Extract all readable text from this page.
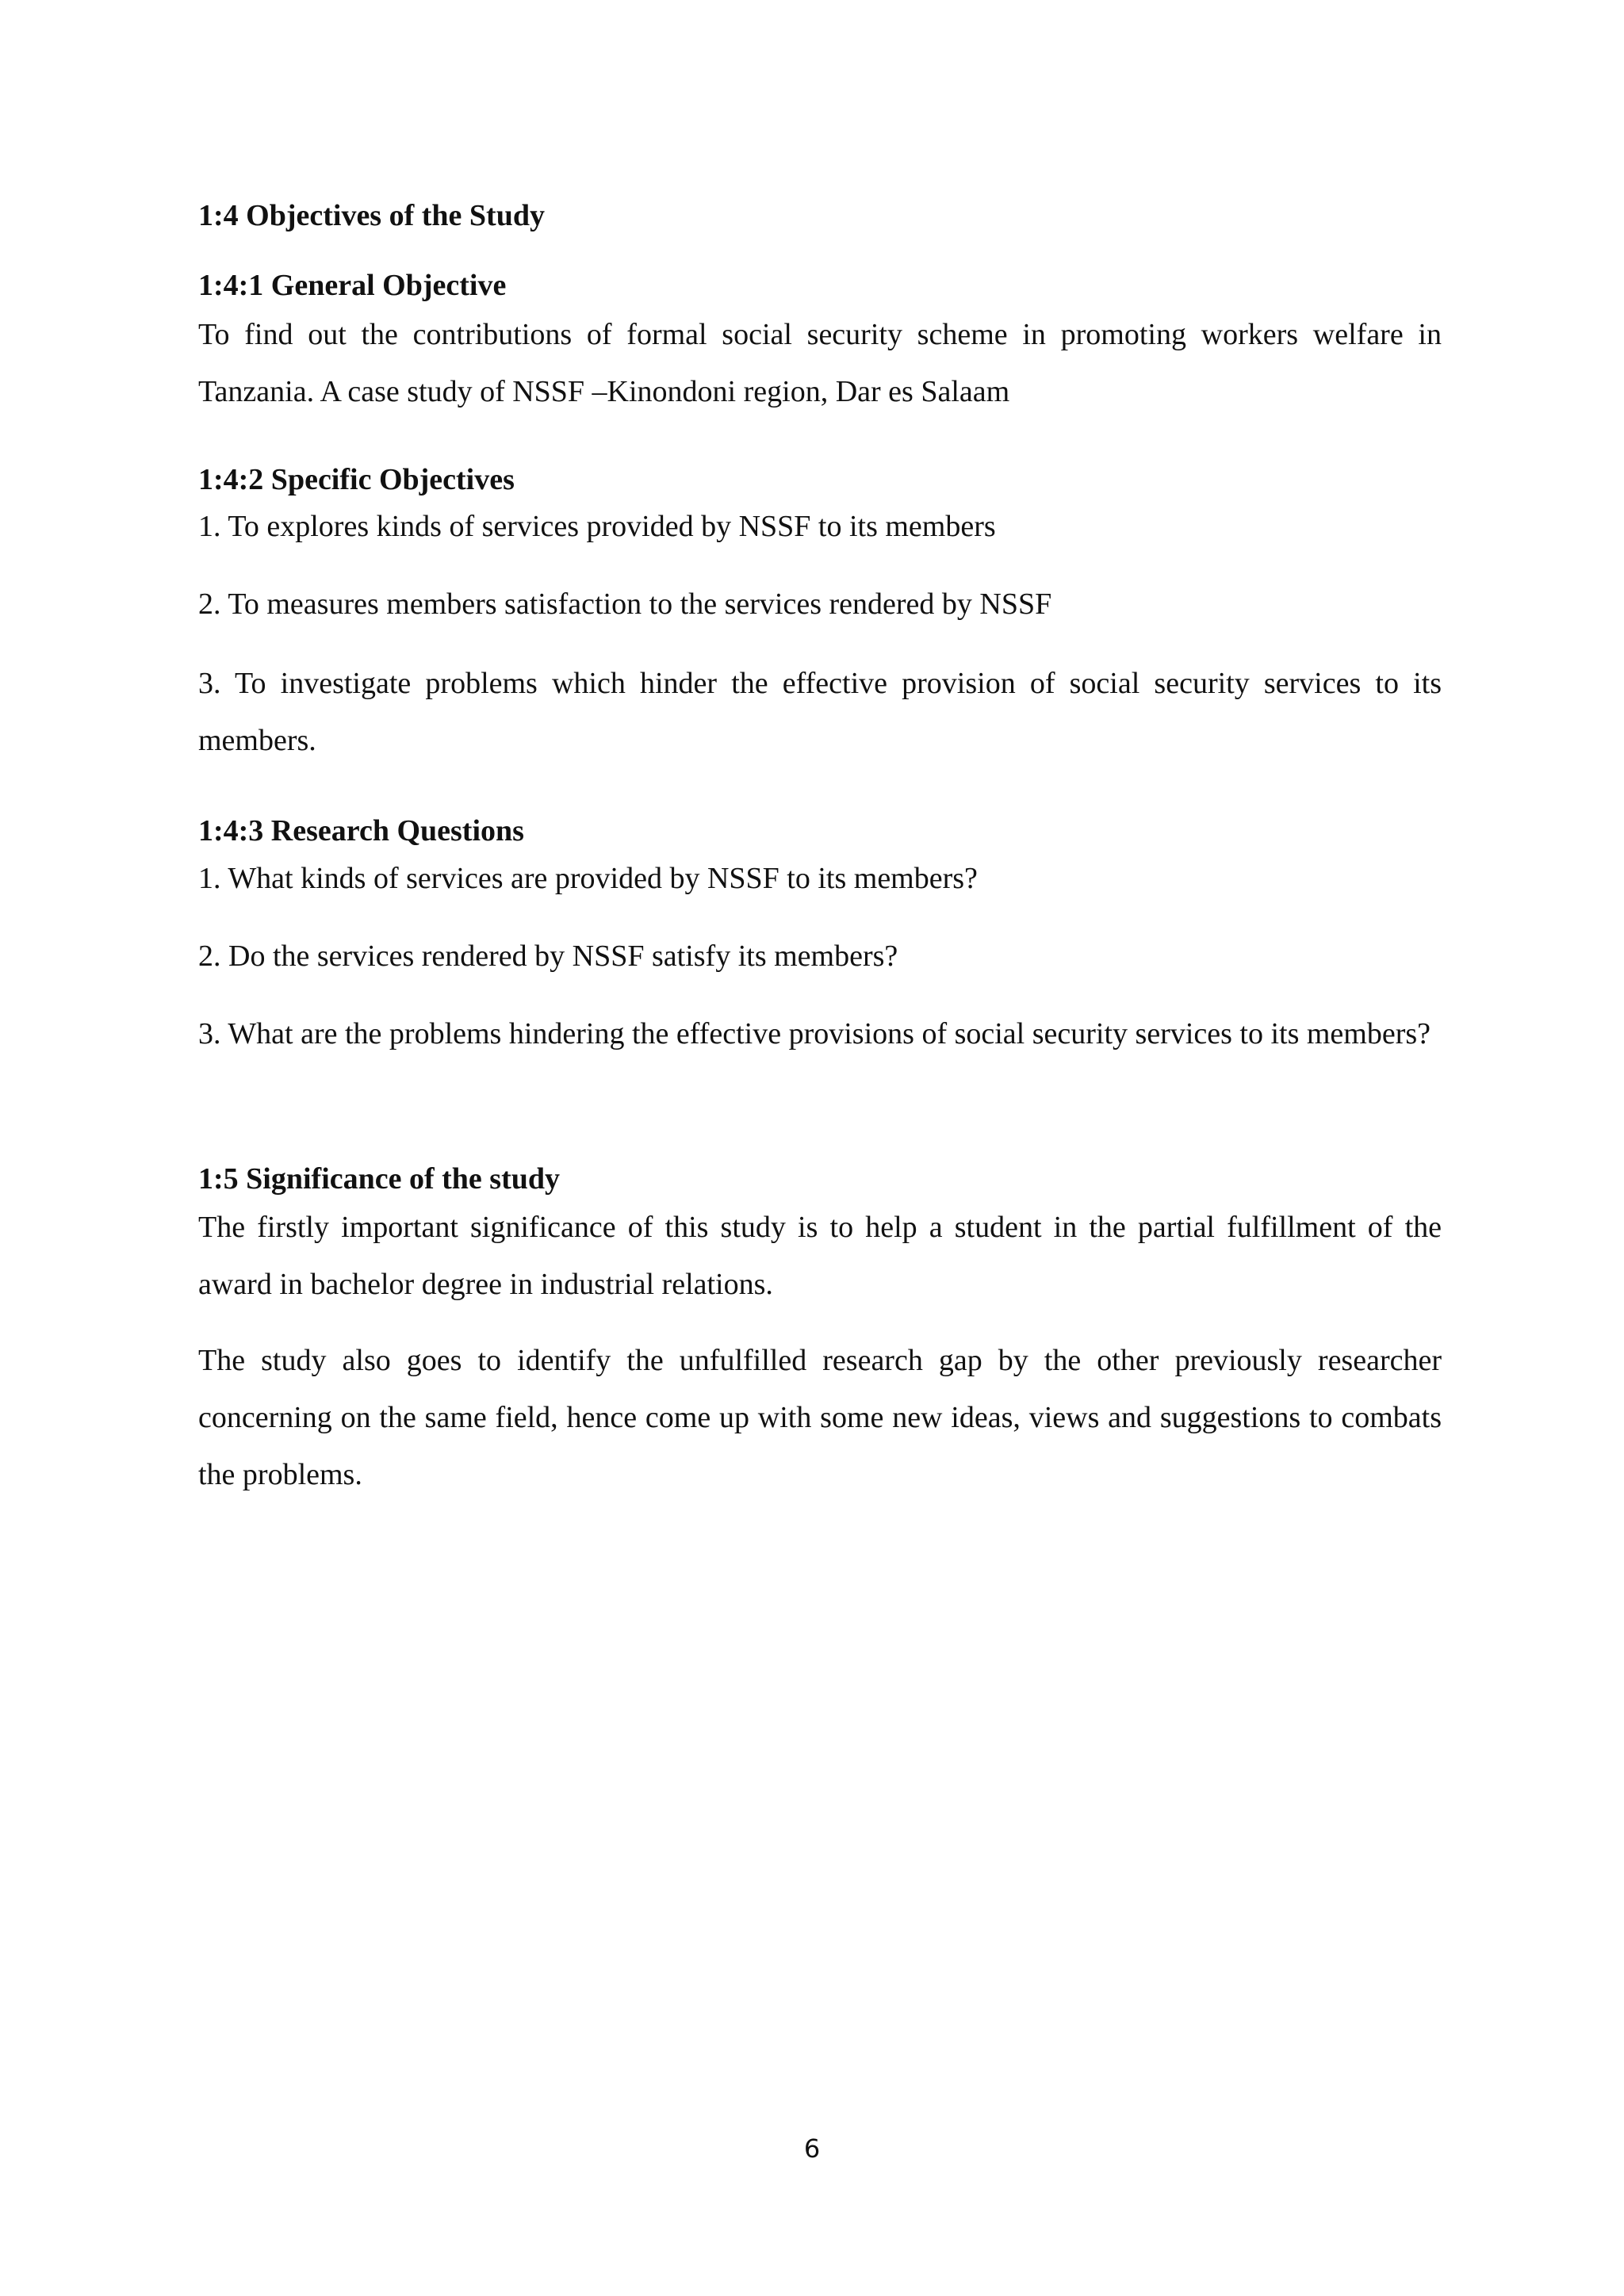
1:4 Objectives of the Study
1:4:1 General Objective

To find out the contributions of formal social security scheme in promoting workers welfare in Tanzania. A case study of NSSF –Kinondoni region, Dar es Salaam

1:4:2 Specific Objectives

1. To explores kinds of services provided by NSSF to its members

2. To measures members satisfaction to the services rendered by NSSF

3. To investigate problems which hinder the effective provision of social security services to its members.

1:4:3 Research Questions

1. What kinds of services are provided by NSSF to its members?

2. Do the services rendered by NSSF satisfy its members?

3. What are the problems hindering the effective provisions of social security services to its members?

1:5 Significance of the study

The firstly important significance of this study is to help a student in the partial fulfillment of the award in bachelor degree in industrial relations.

The study also goes to identify the unfulfilled research gap by the other previously researcher concerning on the same field, hence come up with some new ideas, views and suggestions to combats the problems.

6
